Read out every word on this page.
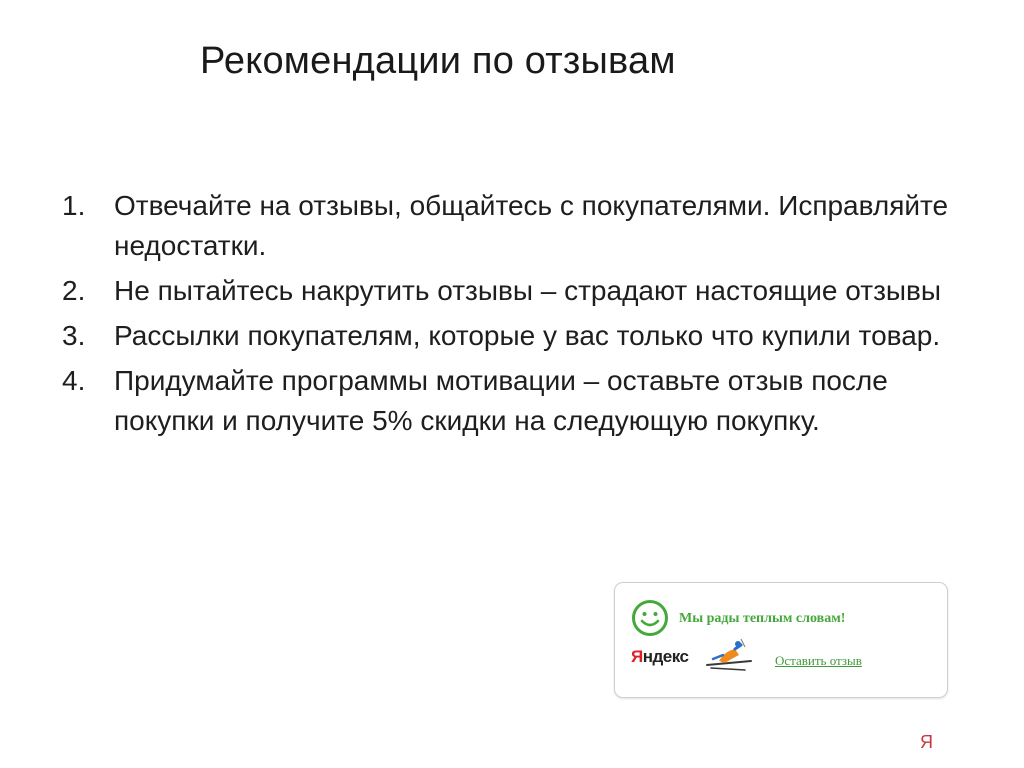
Рекомендации по отзывам
1. Отвечайте на отзывы, общайтесь с покупателями. Исправляйте недостатки.
2. Не пытайтесь накрутить отзывы – страдают настоящие отзывы
3. Рассылки покупателям, которые у вас только что купили товар.
4. Придумайте программы мотивации – оставьте отзыв после покупки и получите 5% скидки на следующую покупку.
Мы рады теплым словам!
Яндекс	Оставить отзыв
Я
